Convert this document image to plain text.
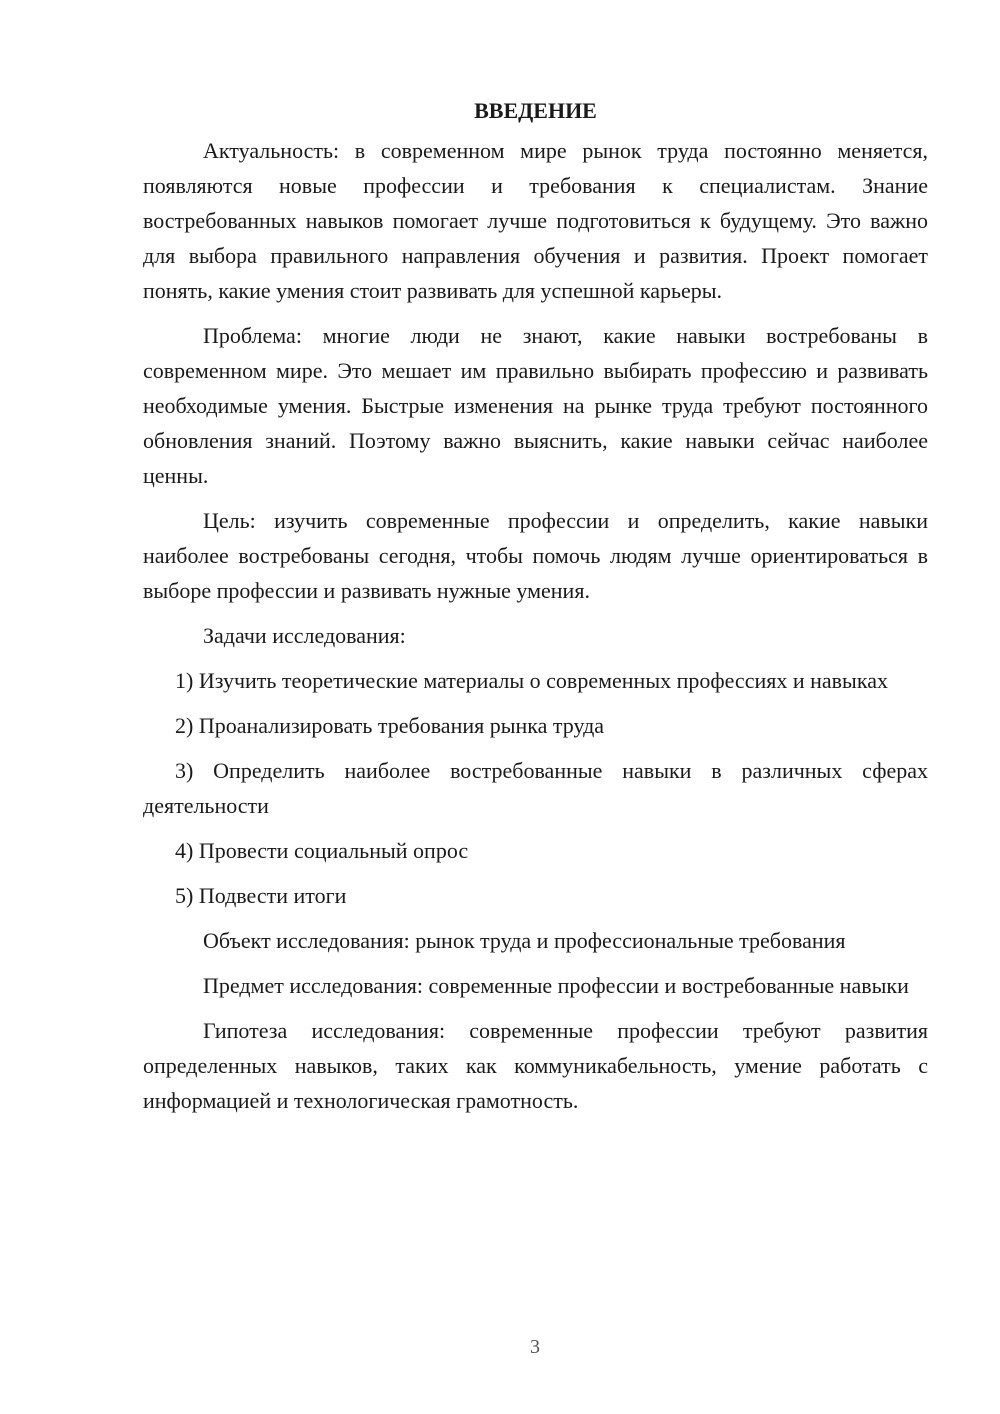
ВВЕДЕНИЕ

Актуальность: в современном мире рынок труда постоянно меняется, появляются новые профессии и требования к специалистам. Знание востребованных навыков помогает лучше подготовиться к будущему. Это важно для выбора правильного направления обучения и развития. Проект помогает понять, какие умения стоит развивать для успешной карьеры.

Проблема: многие люди не знают, какие навыки востребованы в современном мире. Это мешает им правильно выбирать профессию и развивать необходимые умения. Быстрые изменения на рынке труда требуют постоянного обновления знаний. Поэтому важно выяснить, какие навыки сейчас наиболее ценны.

Цель: изучить современные профессии и определить, какие навыки наиболее востребованы сегодня, чтобы помочь людям лучше ориентироваться в выборе профессии и развивать нужные умения.

Задачи исследования:

1) Изучить теоретические материалы о современных профессиях и навыках

2) Проанализировать требования рынка труда

3) Определить наиболее востребованные навыки в различных сферах деятельности

4) Провести социальный опрос

5) Подвести итоги

Объект исследования: рынок труда и профессиональные требования

Предмет исследования: современные профессии и востребованные навыки

Гипотеза исследования: современные профессии требуют развития определенных навыков, таких как коммуникабельность, умение работать с информацией и технологическая грамотность.

3
